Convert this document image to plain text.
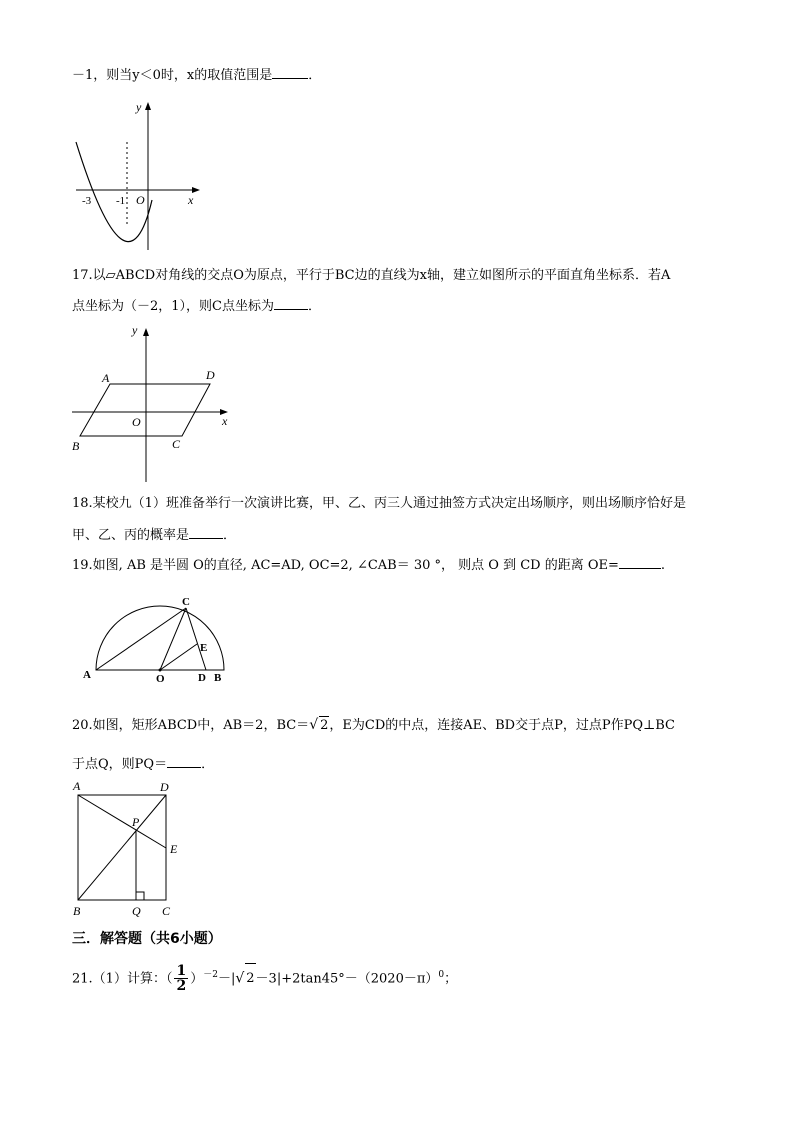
－1，则当y＜0时，x的取值范围是	．
y
x
O
-3 -1
17.以▱ABCD对角线的交点O为原点，平行于BC边的直线为x轴，建立如图所示的平面直角坐标系．若A
点坐标为（－2，1），则C点坐标为	．
y
x
O
A	D
B	C
18.某校九（1）班准备举行一次演讲比赛，甲、乙、丙三人通过抽签方式决定出场顺序，则出场顺序恰好是
甲、乙、丙的概率是	．
19.如图, AB 是半圆 O的直径, AC=AD, OC=2, ∠CAB＝ 30 °， 则点 O 到 CD 的距离 OE=	.
A
C
E
O	D B
20.如图，矩形ABCD中，AB＝2，BC＝√ 2，E为CD的中点，连接AE、BD交于点P，过点P作PQ⊥BC
于点Q，则PQ＝	．
A	D
P
E
B	Q C
三．解答题（共6小题）
21.（1）计算：（ $\frac{1}{2} )^{-2}-|√$ $2-3|+2\tan 45^\circ-(2020-\pi)^0$；
